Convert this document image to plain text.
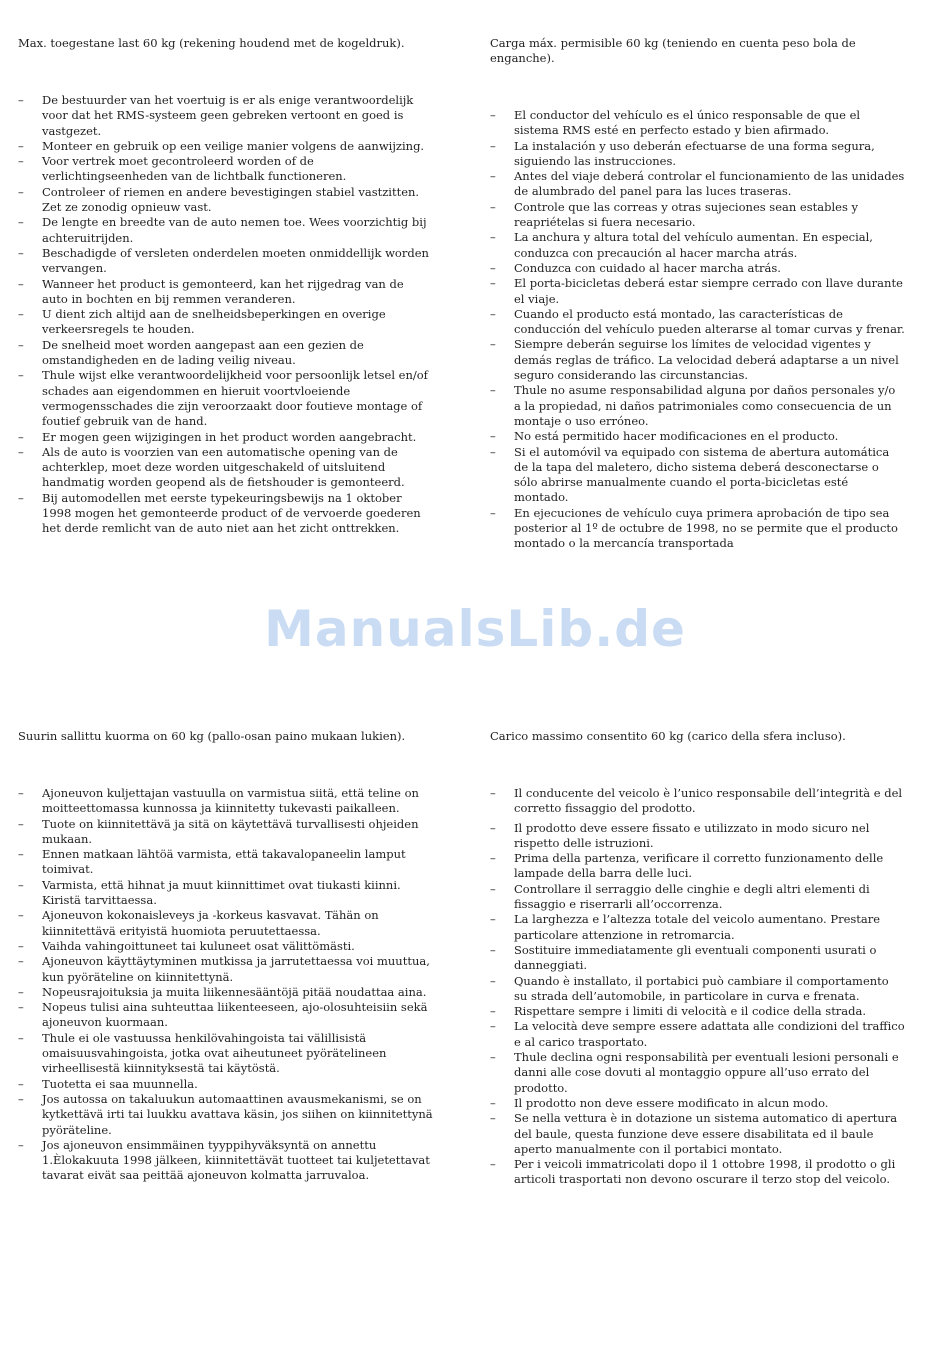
Max. toegestane last 60 kg (rekening houdend met de kogeldruk).

– De bestuurder van het voertuig is er als enige verantwoordelijk voor dat het RMS-systeem geen gebreken vertoont en goed is vastgezet.
– Monteer en gebruik op een veilige manier volgens de aanwijzing.
– Voor vertrek moet gecontroleerd worden of de verlichtingseenheden van de lichtbalk functioneren.
– Controleer of riemen en andere bevestigingen stabiel vastzitten. Zet ze zonodig opnieuw vast.
– De lengte en breedte van de auto nemen toe. Wees voorzichtig bij achteruitrijden.
– Beschadigde of versleten onderdelen moeten onmiddellijk worden vervangen.
– Wanneer het product is gemonteerd, kan het rijgedrag van de auto in bochten en bij remmen veranderen.
– U dient zich altijd aan de snelheidsbeperkingen en overige verkeersregels te houden.
– De snelheid moet worden aangepast aan een gezien de omstandigheden en de lading veilig niveau.
– Thule wijst elke verantwoordelijkheid voor persoonlijk letsel en/of schades aan eigendommen en hieruit voortvloeiende vermogensschades die zijn veroorzaakt door foutieve montage of foutief gebruik van de hand.
– Er mogen geen wijzigingen in het product worden aangebracht.
– Als de auto is voorzien van een automatische opening van de achterklep, moet deze worden uitgeschakeld of uitsluitend handmatig worden geopend als de fietshouder is gemonteerd.
– Bij automodellen met eerste typekeuringsbewijs na 1 oktober 1998 mogen het gemonteerde product of de vervoerde goederen het derde remlicht van de auto niet aan het zicht onttrekken.

Carga máx. permisible 60 kg (teniendo en cuenta peso bola de enganche).

– El conductor del vehículo es el único responsable de que el sistema RMS esté en perfecto estado y bien afirmado.
– La instalación y uso deberán efectuarse de una forma segura, siguiendo las instrucciones.
– Antes del viaje deberá controlar el funcionamiento de las unidades de alumbrado del panel para las luces traseras.
– Controle que las correas y otras sujeciones sean estables y reapriételas si fuera necesario.
– La anchura y altura total del vehículo aumentan. En especial, conduzca con precaución al hacer marcha atrás.
– Conduzca con cuidado al hacer marcha atrás.
– El porta-bicicletas deberá estar siempre cerrado con llave durante el viaje.
– Cuando el producto está montado, las características de conducción del vehículo pueden alterarse al tomar curvas y frenar.
– Siempre deberán seguirse los límites de velocidad vigentes y demás reglas de tráfico. La velocidad deberá adaptarse a un nivel seguro considerando las circunstancias.
– Thule no asume responsabilidad alguna por daños personales y/o a la propiedad, ni daños patrimoniales como consecuencia de un montaje o uso erróneo.
– No está permitido hacer modificaciones en el producto.
– Si el automóvil va equipado con sistema de abertura automática de la tapa del maletero, dicho sistema deberá desconectarse o sólo abrirse manualmente cuando el porta-bicicletas esté montado.
– En ejecuciones de vehículo cuya primera aprobación de tipo sea posterior al 1º de octubre de 1998, no se permite que el producto montado o la mercancía transportada
ManualsLib.de

Suurin sallittu kuorma on 60 kg (pallo-osan paino mukaan lukien).

– Ajoneuvon kuljettajan vastuulla on varmistua siitä, että teline on moitteettomassa kunnossa ja kiinnitetty tukevasti paikalleen.
– Tuote on kiinnitettävä ja sitä on käytettävä turvallisesti ohjeiden mukaan.
– Ennen matkaan lähtöä varmista, että takavalopaneelin lamput toimivat.
– Varmista, että hihnat ja muut kiinnittimet ovat tiukasti kiinni. Kiristä tarvittaessa.
– Ajoneuvon kokonaisleveys ja -korkeus kasvavat. Tähän on kiinnitettävä erityistä huomiota peruutettaessa.
– Vaihda vahingoittuneet tai kuluneet osat välittömästi.
– Ajoneuvon käyttäytyminen mutkissa ja jarrutettaessa voi muuttua, kun pyöräteline on kiinnitettynä.
– Nopeusrajoituksia ja muita liikennesääntöjä pitää noudattaa aina.
– Nopeus tulisi aina suhteuttaa liikenteeseen, ajo-olosuhteisiin sekä ajoneuvon kuormaan.
– Thule ei ole vastuussa henkilövahingoista tai välillisistä omaisuusvahingoista, jotka ovat aiheutuneet pyörätelineen virheellisestä kiinnityksestä tai käytöstä.
– Tuotetta ei saa muunnella.
– Jos autossa on takaluukun automaattinen avausmekanismi, se on kytkettävä irti tai luukku avattava käsin, jos siihen on kiinnitettynä pyöräteline.
– Jos ajoneuvon ensimmäinen tyyppihyväksyntä on annettu 1.Èlokakuuta 1998 jälkeen, kiinnitettävät tuotteet tai kuljetettavat tavarat eivät saa peittää ajoneuvon kolmatta jarruvaloa.

Carico massimo consentito 60 kg (carico della sfera incluso).

– Il conducente del veicolo è l’unico responsabile dell’integrità e del corretto fissaggio del prodotto.
– Il prodotto deve essere fissato e utilizzato in modo sicuro nel rispetto delle istruzioni.
– Prima della partenza, verificare il corretto funzionamento delle lampade della barra delle luci.
– Controllare il serraggio delle cinghie e degli altri elementi di fissaggio e riserrarli all’occorrenza.
– La larghezza e l’altezza totale del veicolo aumentano. Prestare particolare attenzione in retromarcia.
– Sostituire immediatamente gli eventuali componenti usurati o danneggiati.
– Quando è installato, il portabici può cambiare il comportamento su strada dell’automobile, in particolare in curva e frenata.
– Rispettare sempre i limiti di velocità e il codice della strada.
– La velocità deve sempre essere adattata alle condizioni del traffico e al carico trasportato.
– Thule declina ogni responsabilità per eventuali lesioni personali e danni alle cose dovuti al montaggio oppure all’uso errato del prodotto.
– Il prodotto non deve essere modificato in alcun modo.
– Se nella vettura è in dotazione un sistema automatico di apertura del baule, questa funzione deve essere disabilitata ed il baule aperto manualmente con il portabici montato.
– Per i veicoli immatricolati dopo il 1 ottobre 1998, il prodotto o gli articoli trasportati non devono oscurare il terzo stop del veicolo.
